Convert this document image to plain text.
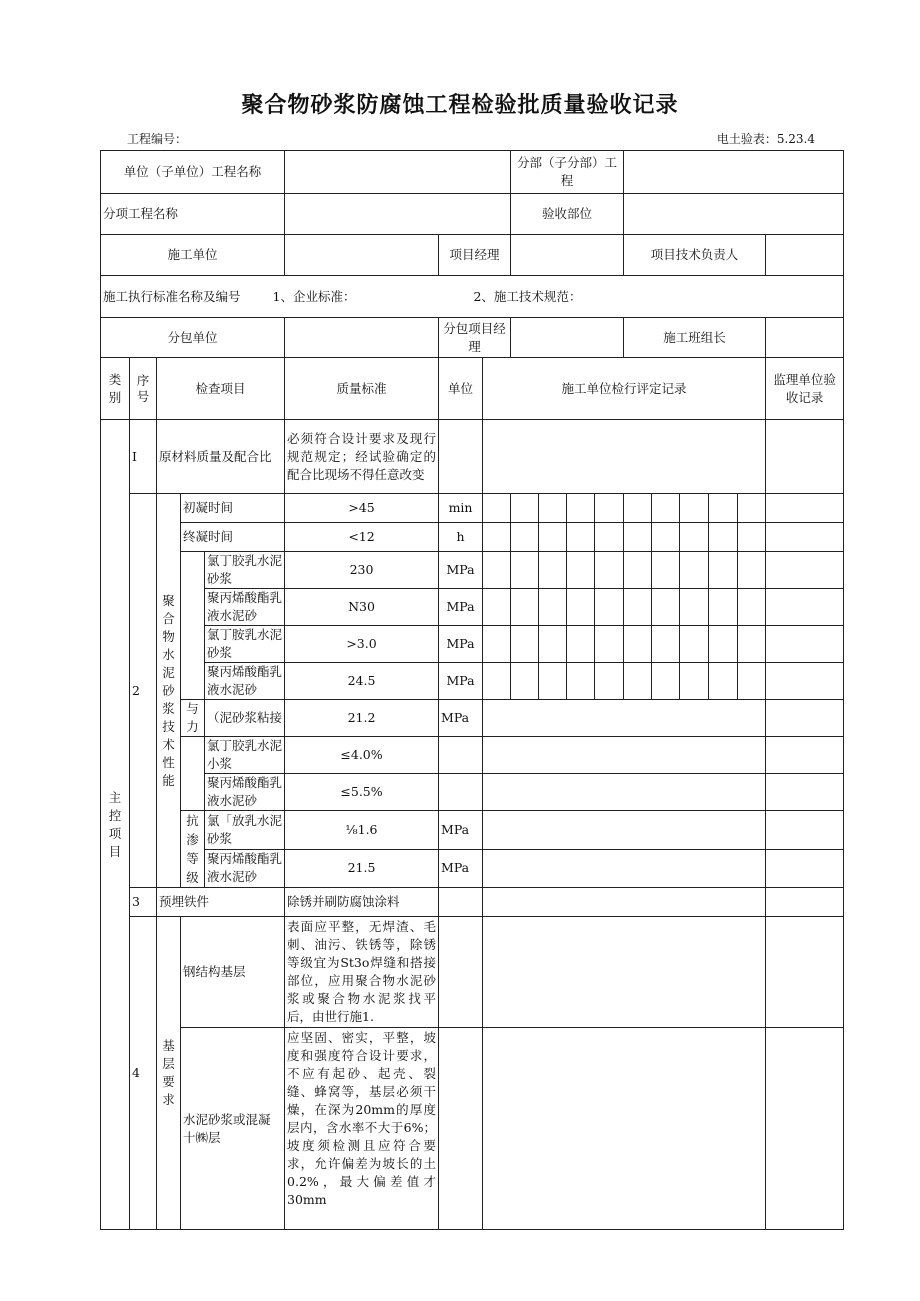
聚合物砂浆防腐蚀工程检验批质量验收记录
工程编号：	电土验表：5.23.4
单位（子单位）工程名称								分部（子分部）工程									
分项工程名称								验收部位									
施工单位						项目经理						项目技术负责人					
施工执行标准名称及编号 1、企业标准： 2、施工技术规范：																	
分包单位						分包项目经理						施工班组长					
类别	序号	检查项目			质量标准	单位	施工单位检行评定记录										监理单位验收记录
主控项目	I	原材料质量及配合比			必须符合设计要求及现行规范规定；经试验确定的配合比现场不得任意改变												
	2	聚合物水泥砂浆技术性能	初凝时间		>45	min											
			终凝时间		<12	h											
				氯丁胶乳水泥砂浆	230	MPa											
				聚丙烯酸酯乳液水泥砂	N30	MPa											
				氯丁胺乳水泥砂浆	>3.0	MPa											
				聚丙烯酸酯乳液水泥砂	24.5	MPa											
			与力	（泥砂浆粘接	21.2	MPa											
				氯丁胶乳水泥小浆	≤4.0%												
				聚丙烯酸酯乳液水泥砂	≤5.5%												
			抗渗等级	氯「放乳水泥砂浆	⅛1.6	MPa											
				聚丙烯酸酯乳液水泥砂	21.5	MPa											
	3	预埋铁件			除锈并刷防腐蚀涂料												
	4	基层要求	钢结构基层		表面应平整，无焊渣、毛刺、油污、铁锈等，除锈等级宜为St3o焊缝和搭接部位，应用聚合物水泥砂浆或聚合物水泥浆找平后，由世行施1.												
			水泥砂浆或混凝十㈱层		应坚固、密实，平整，坡度和强度符合设计要求，不应有起砂、起壳、裂缝、蜂窝等，基层必须干燥，在深为20mm的厚度层内，含水率不大于6%；坡度须检测且应符合要求，允许偏差为坡长的土0.2%，最大偏差值才30mm												
